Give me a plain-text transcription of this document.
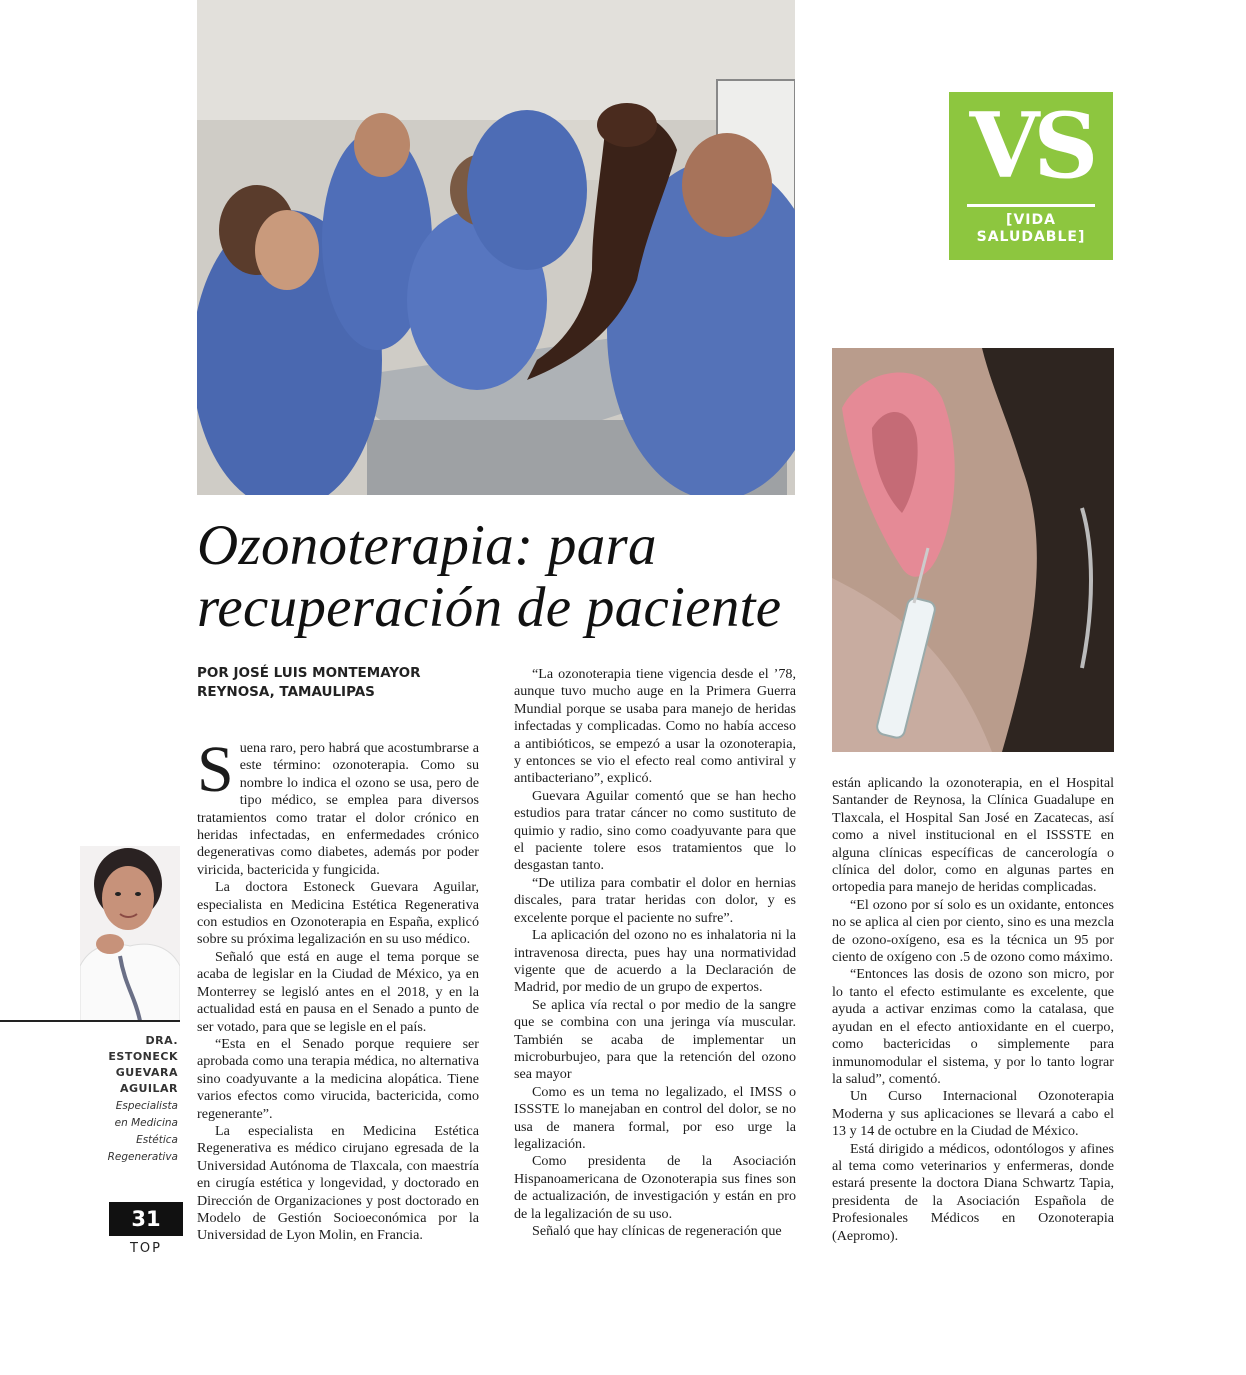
VS
[VIDA
SALUDABLE]
Ozonoterapia: para
recuperación de paciente
POR JOSÉ LUIS MONTEMAYOR
REYNOSA, TAMAULIPAS

Suena raro, pero habrá que acostumbrarse a este término: ozonoterapia. Como su nombre lo indica el ozono se usa, pero de tipo médico, se emplea para diversos tratamientos como tratar el dolor crónico en heridas infectadas, en enfermedades crónico degenerativas como diabetes, además por poder viricida, bactericida y fungicida.

La doctora Estoneck Guevara Aguilar, especialista en Medicina Estética Regenerativa con estudios en Ozonoterapia en España, explicó sobre su próxima legalización en su uso médico.

Señaló que está en auge el tema porque se acaba de legislar en la Ciudad de México, ya en Monterrey se legisló antes en el 2018, y en la actualidad está en pausa en el Senado a punto de ser votado, para que se legisle en el país.

“Esta en el Senado porque requiere ser aprobada como una terapia médica, no alternativa sino coadyuvante a la medicina alopática. Tiene varios efectos como virucida, bactericida, como regenerante”.

La especialista en Medicina Estética Regenerativa es médico cirujano egresada de la Universidad Autónoma de Tlaxcala, con maestría en cirugía estética y longevidad, y doctorado en Dirección de Organizaciones y post doctorado en Modelo de Gestión Socioeconómica por la Universidad de Lyon Molin, en Francia.

“La ozonoterapia tiene vigencia desde el ’78, aunque tuvo mucho auge en la Primera Guerra Mundial porque se usaba para manejo de heridas infectadas y complicadas. Como no había acceso a antibióticos, se empezó a usar la ozonoterapia, y entonces se vio el efecto real como antiviral y antibacteriano”, explicó.

Guevara Aguilar comentó que se han hecho estudios para tratar cáncer no como sustituto de quimio y radio, sino como coadyuvante para que el paciente tolere esos tratamientos que lo desgastan tanto.

“De utiliza para combatir el dolor en hernias discales, para tratar heridas con dolor, y es excelente porque el paciente no sufre”.

La aplicación del ozono no es inhalatoria ni la intravenosa directa, pues hay una normatividad vigente que de acuerdo a la Declaración de Madrid, por medio de un grupo de expertos.

Se aplica vía rectal o por medio de la sangre que se combina con una jeringa vía muscular. También se acaba de implementar un microburbujeo, para que la retención del ozono sea mayor

Como es un tema no legalizado, el IMSS o ISSSTE lo manejaban en control del dolor, se no usa de manera formal, por eso urge la legalización.

Como presidenta de la Asociación Hispanoamericana de Ozonoterapia sus fines son de actualización, de investigación y están en pro de la legalización de su uso.

Señaló que hay clínicas de regeneración que

están aplicando la ozonoterapia, en el Hospital Santander de Reynosa, la Clínica Guadalupe en Tlaxcala, el Hospital San José en Zacatecas, así como a nivel institucional en el ISSSTE en alguna clínicas específicas de cancerología o clínica del dolor, como en algunas partes en ortopedia para manejo de heridas complicadas.

“El ozono por sí solo es un oxidante, entonces no se aplica al cien por ciento, sino es una mezcla de ozono-oxígeno, esa es la técnica un 95 por ciento de oxígeno con .5 de ozono como máximo.

“Entonces las dosis de ozono son micro, por lo tanto el efecto estimulante es excelente, que ayuda a activar enzimas como la catalasa, que ayudan en el efecto antioxidante en el cuerpo, como bactericidas o simplemente para inmunomodular el sistema, y por lo tanto lograr la salud”, comentó.

Un Curso Internacional Ozonoterapia Moderna y sus aplicaciones se llevará a cabo el 13 y 14 de octubre en la Ciudad de México.

Está dirigido a médicos, odontólogos y afines al tema como veterinarios y enfermeras, donde estará presente la doctora Diana Schwartz Tapia, presidenta de la Asociación Española de Profesionales Médicos en Ozonoterapia (Aepromo).

DRA.
ESTONECK
GUEVARA
AGUILAR
Especialista
en Medicina
Estética
Regenerativa
31
TOP
